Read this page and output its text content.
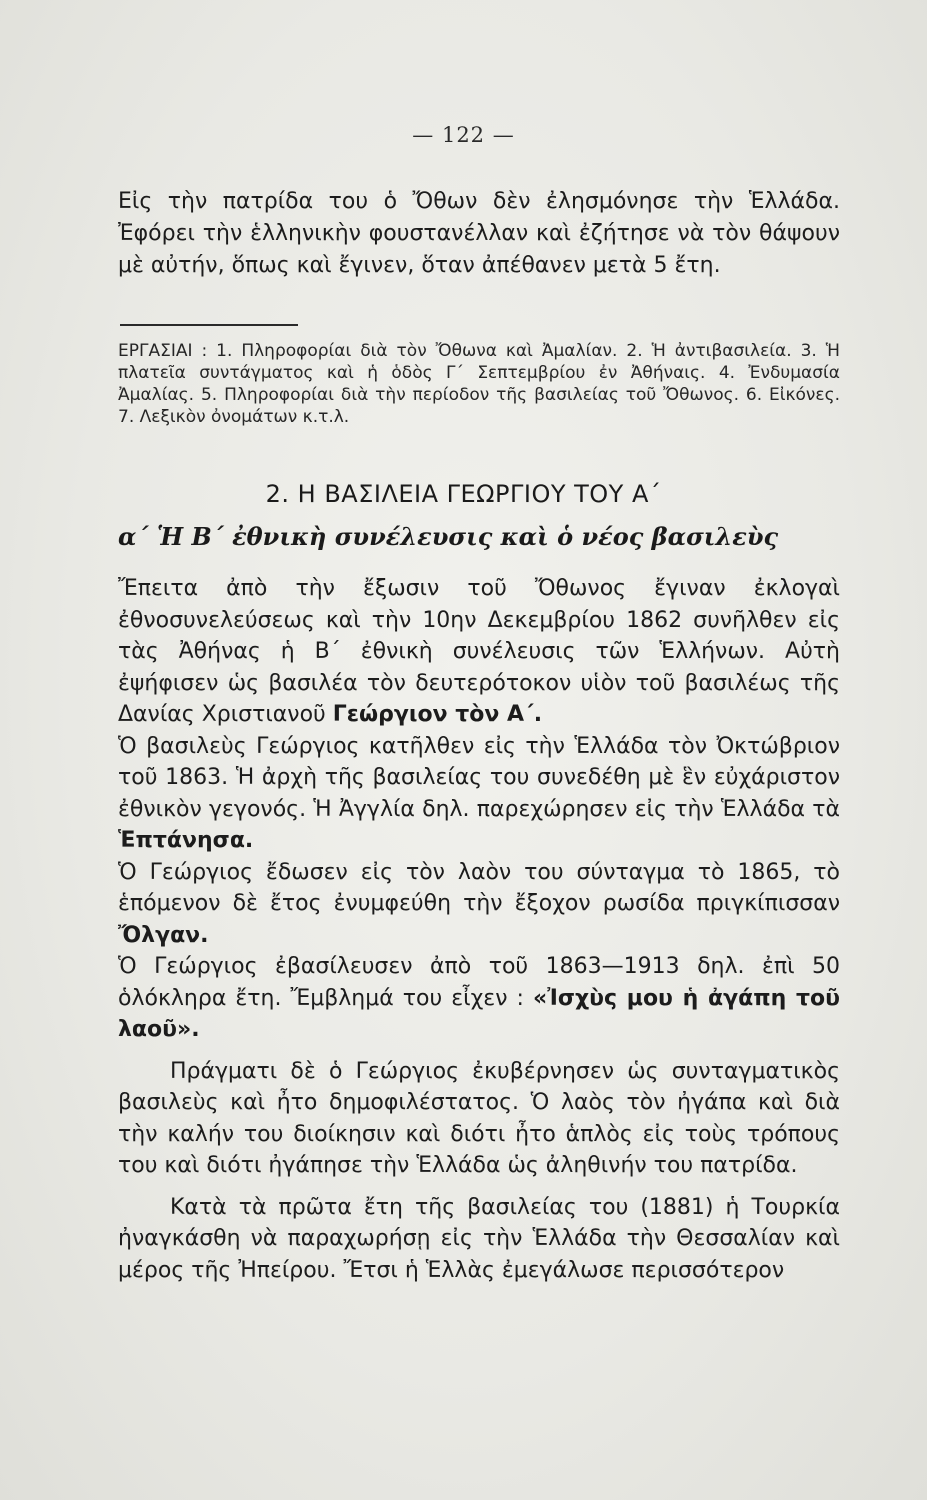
— 122 —
Εἰς τὴν πατρίδα του ὁ Ὄθων δὲν ἐλησμόνησε τὴν Ἑλλάδα. Ἐφόρει τὴν ἑλληνικὴν φουστανέλλαν καὶ ἐζήτησε νὰ τὸν θάψουν μὲ αὐτήν, ὅπως καὶ ἔγινεν, ὅταν ἀπέθανεν μετὰ 5 ἔτη.
ΕΡΓΑΣΙΑΙ : 1. Πληροφορίαι διὰ τὸν Ὄθωνα καὶ Ἀμαλίαν. 2. Ἡ ἀντιβασιλεία. 3. Ἡ πλατεῖα συντάγματος καὶ ἡ ὁδὸς Γ΄ Σεπτεμβρίου ἐν Ἀθήναις. 4. Ἐνδυμασία Ἀμαλίας. 5. Πληροφορίαι διὰ τὴν περίοδον τῆς βασιλείας τοῦ Ὄθωνος. 6. Εἰκόνες. 7. Λεξικὸν ὀνομάτων κ.τ.λ.
2. Η ΒΑΣΙΛΕΙΑ ΓΕΩΡΓΙΟΥ ΤΟΥ Α΄
α΄ Ἡ Β΄ ἐθνικὴ συνέλευσις καὶ ὁ νέος βασιλεὺς

Ἔπειτα ἀπὸ τὴν ἔξωσιν τοῦ Ὄθωνος ἔγιναν ἐκλογαὶ ἐθνοσυνελεύσεως καὶ τὴν 10ην Δεκεμβρίου 1862 συνῆλθεν εἰς τὰς Ἀθήνας ἡ Β΄ ἐθνικὴ συνέλευσις τῶν Ἑλλήνων. Αὐτὴ ἐψήφισεν ὡς βασιλέα τὸν δευτερότοκον υἱὸν τοῦ βασιλέως τῆς Δανίας Χριστιανοῦ Γεώργιον τὸν Α΄.

Ὁ βασιλεὺς Γεώργιος κατῆλθεν εἰς τὴν Ἑλλάδα τὸν Ὀκτώβριον τοῦ 1863. Ἡ ἀρχὴ τῆς βασιλείας του συνεδέθη μὲ ἓν εὐχάριστον ἐθνικὸν γεγονός. Ἡ Ἀγγλία δηλ. παρεχώρησεν εἰς τὴν Ἑλλάδα τὰ Ἑπτάνησα.

Ὁ Γεώργιος ἔδωσεν εἰς τὸν λαὸν του σύνταγμα τὸ 1865, τὸ ἑπόμενον δὲ ἔτος ἐνυμφεύθη τὴν ἔξοχον ρωσίδα πριγκίπισσαν Ὄλγαν.

Ὁ Γεώργιος ἐβασίλευσεν ἀπὸ τοῦ 1863—1913 δηλ. ἐπὶ 50 ὁλόκληρα ἔτη. Ἔμβλημά του εἶχεν : «Ἰσχὺς μου ἡ ἀγάπη τοῦ λαοῦ».

Πράγματι δὲ ὁ Γεώργιος ἐκυβέρνησεν ὡς συνταγματικὸς βασιλεὺς καὶ ἦτο δημοφιλέστατος. Ὁ λαὸς τὸν ἠγάπα καὶ διὰ τὴν καλήν του διοίκησιν καὶ διότι ἦτο ἁπλὸς εἰς τοὺς τρόπους του καὶ διότι ἠγάπησε τὴν Ἑλλάδα ὡς ἀληθινήν του πατρίδα.

Κατὰ τὰ πρῶτα ἔτη τῆς βασιλείας του (1881) ἡ Τουρκία ἠναγκάσθη νὰ παραχωρήσῃ εἰς τὴν Ἑλλάδα τὴν Θεσσαλίαν καὶ μέρος τῆς Ἠπείρου. Ἔτσι ἡ Ἑλλὰς ἐμεγάλωσε περισσότερον
